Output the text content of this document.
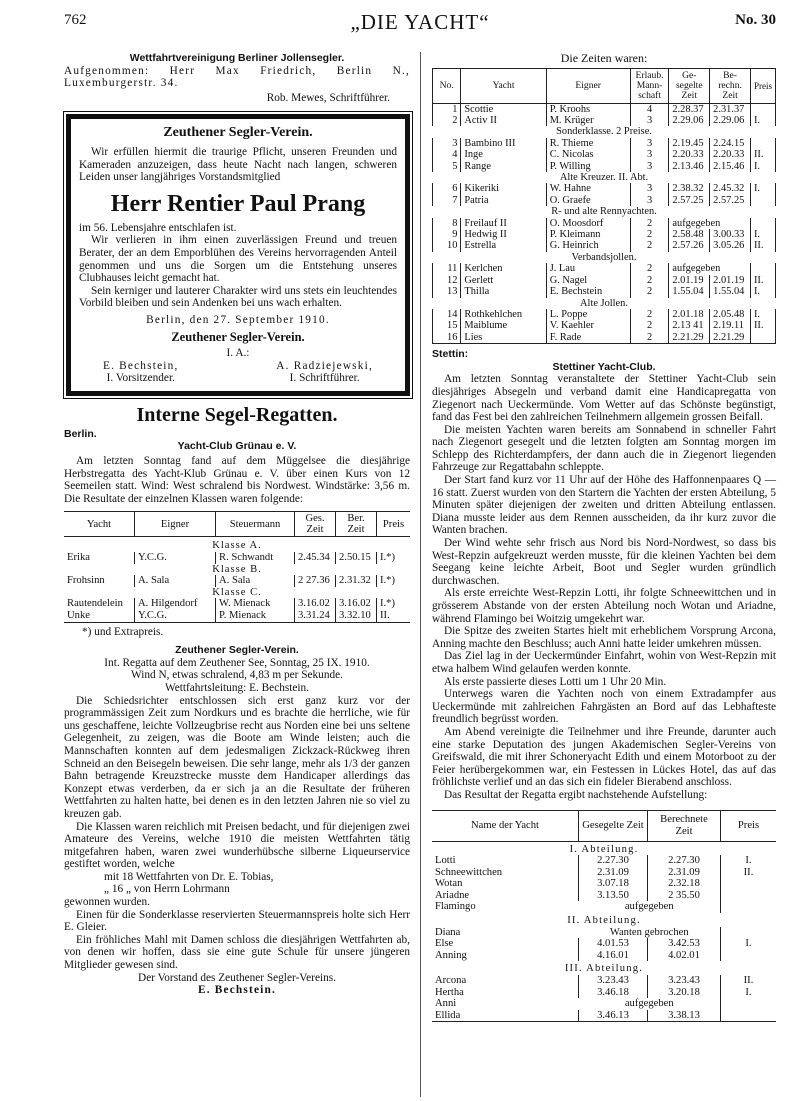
762	„DIE YACHT“	No. 30

Wettfahrtvereinigung Berliner Jollensegler.

Aufgenommen: Herr Max Friedrich, Berlin N., Luxemburgerstr. 34.

Rob. Mewes, Schriftführer.

Zeuthener Segler-Verein.

Wir erfüllen hiermit die traurige Pflicht, unseren Freunden und Kameraden anzuzeigen, dass heute Nacht nach langen, schweren Leiden unser langjähriges Vorstandsmitglied

Herr Rentier Paul Prang

im 56. Lebensjahre entschlafen ist.

Wir verlieren in ihm einen zuverlässigen Freund und treuen Berater, der an dem Emporblühen des Vereins hervorragenden Anteil genommen und uns die Sorgen um die Entstehung unseres Clubhauses leicht gemacht hat.

Sein kerniger und lauterer Charakter wird uns stets ein leuchtendes Vorbild bleiben und sein Andenken bei uns wach erhalten.

Berlin, den 27. September 1910.

Zeuthener Segler-Verein.

I. A.:

E. Bechstein,

I. Vorsitzender.

A. Radziejewski,

I. Schriftführer.

Interne Segel-Regatten.

Berlin.

Yacht-Club Grünau e. V.

Am letzten Sonntag fand auf dem Müggelsee die diesjährige Herbstregatta des Yacht-Klub Grünau e. V. über einen Kurs von 12 Seemeilen statt. Wind: West schralend bis Nordwest. Windstärke: 3,56 m. Die Resultate der einzelnen Klassen waren folgende:

Yacht	Eigner	Steuermann	Ges. Zeit	Ber. Zeit	Preis
Klasse A.					
Erika	Y.C.G.	R. Schwandt	2.45.34	2.50.15	I.*)
Klasse B.					
Frohsinn	A. Sala	A. Sala	2 27.36	2.31.32	I.*)
Klasse C.					
Rautendelein	A. Hilgendorf	W. Mienack	3.16.02	3.16.02	I.*)
Unke	Y.C.G.	P. Mienack	3.31.24	3.32.10	II.

*) und Extrapreis.

Zeuthener Segler-Verein.

Int. Regatta auf dem Zeuthener See, Sonntag, 25 IX. 1910.

Wind N, etwas schralend, 4,83 m per Sekunde.

Wettfahrtsleitung: E. Bechstein.

Die Schiedsrichter entschlossen sich erst ganz kurz vor der programmässigen Zeit zum Nordkurs und es brachte die herrliche, wie für uns geschaffene, leichte Vollzeugbrise recht aus Norden eine bei uns seltene Gelegenheit, zu zeigen, was die Boote am Winde leisten; auch die Mannschaften konnten auf dem jedesmaligen Zickzack-Rückweg ihren Schneid an den Beisegeln beweisen. Die sehr lange, mehr als 1/3 der ganzen Bahn betragende Kreuzstrecke musste dem Handicaper allerdings das Konzept etwas verderben, da er sich ja an die Resultate der früheren Wettfahrten zu halten hatte, bei denen es in den letzten Jahren nie so viel zu kreuzen gab.

Die Klassen waren reichlich mit Preisen bedacht, und für diejenigen zwei Amateure des Vereins, welche 1910 die meisten Wettfahrten tätig mitgefahren haben, waren zwei wunderhübsche silberne Liqueurservice gestiftet worden, welche

mit 18 Wettfahrten von Dr. E. Tobias,

„ 16 „ von Herrn Lohrmann

gewonnen wurden.

Einen für die Sonderklasse reservierten Steuermannspreis holte sich Herr E. Gleier.

Ein fröhliches Mahl mit Damen schloss die diesjährigen Wettfahrten ab, von denen wir hoffen, dass sie eine gute Schule für unsere jüngeren Mitglieder gewesen sind.

Der Vorstand des Zeuthener Segler-Vereins.

E. Bechstein.

Die Zeiten waren:

No.	Yacht	Eigner	Erlaub. Mann-schaft	Ge-segelte Zeit	Be-rechn. Zeit	Preis
1	Scottie	P. Kroohs	4	2.28.37	2.31.37	
2	Activ II	M. Krüger	3	2.29.06	2.29.06	I.
Sonderklasse. 2 Preise.						
3	Bambino III	R. Thieme	3	2.19.45	2.24.15	
4	Inge	C. Nicolas	3	2.20.33	2.20.33	II.
5	Range	P. Willing	3	2.13.46	2.15.46	I.
Alte Kreuzer. II. Abt.						
6	Kikeriki	W. Hahne	3	2.38.32	2.45.32	I.
7	Patria	O. Graefe	3	2.57.25	2.57.25	
R- und alte Rennyachten.						
8	Freilauf II	O. Moosdorf	2	aufgegeben		
9	Hedwig II	P. Kleimann	2	2.58.48	3.00.33	I.
10	Estrella	G. Heinrich	2	2.57.26	3.05.26	II.
Verbandsjollen.						
11	Kerlchen	J. Lau	2	aufgegeben		
12	Gerlett	G. Nagel	2	2.01.19	2.01.19	II.
13	Thilla	E. Bechstein	2	1.55.04	1.55.04	I.
Alte Jollen.						
14	Rothkehlchen	L. Poppe	2	2.01.18	2.05.48	I.
15	Maiblume	V. Kaehler	2	2.13 41	2.19.11	II.
16	Lies	F. Rade	2	2.21.29	2.21.29	

Stettin:

Stettiner Yacht-Club.

Am letzten Sonntag veranstaltete der Stettiner Yacht-Club sein diesjähriges Absegeln und verband damit eine Handicapregatta von Ziegenort nach Ueckermünde. Vom Wetter auf das Schönste begünstigt, fand das Fest bei den zahlreichen Teilnehmern allgemein grossen Beifall.

Die meisten Yachten waren bereits am Sonnabend in schneller Fahrt nach Ziegenort gesegelt und die letzten folgten am Sonntag morgen im Schlepp des Richterdampfers, der dann auch die in Ziegenort liegenden Fahrzeuge zur Regattabahn schleppte.

Der Start fand kurz vor 11 Uhr auf der Höhe des Haffonnenpaares Q — 16 statt. Zuerst wurden von den Startern die Yachten der ersten Abteilung, 5 Minuten später diejenigen der zweiten und dritten Abteilung entlassen. Diana musste leider aus dem Rennen ausscheiden, da ihr kurz zuvor die Wanten brachen.

Der Wind wehte sehr frisch aus Nord bis Nord-Nordwest, so dass bis West-Repzin aufgekreuzt werden musste, für die kleinen Yachten bei dem Seegang keine leichte Arbeit, Boot und Segler wurden gründlich durchwaschen.

Als erste erreichte West-Repzin Lotti, ihr folgte Schneewittchen und in grösserem Abstande von der ersten Abteilung noch Wotan und Ariadne, während Flamingo bei Woitzig umgekehrt war.

Die Spitze des zweiten Startes hielt mit erheblichem Vorsprung Arcona, Anning machte den Beschluss; auch Anni hatte leider umkehren müssen.

Das Ziel lag in der Ueckermünder Einfahrt, wohin von West-Repzin mit etwa halbem Wind gelaufen werden konnte.

Als erste passierte dieses Lotti um 1 Uhr 20 Min.

Unterwegs waren die Yachten noch von einem Extradampfer aus Ueckermünde mit zahlreichen Fahrgästen an Bord auf das Lebhafteste freundlich begrüsst worden.

Am Abend vereinigte die Teilnehmer und ihre Freunde, darunter auch eine starke Deputation des jungen Akademischen Segler-Vereins von Greifswald, die mit ihrer Schoneryacht Edith und einem Motorboot zu der Feier herübergekommen war, ein Festessen in Lückes Hotel, das auf das fröhlichste verlief und an das sich ein fideler Bierabend anschloss.

Das Resultat der Regatta ergibt nachstehende Aufstellung:

Name der Yacht	Gesegelte Zeit	Berechnete Zeit	Preis
I. Abteilung.			
Lotti	2.27.30	2.27.30	I.
Schneewittchen	2.31.09	2.31.09	II.
Wotan	3.07.18	2.32.18	
Ariadne	3.13.50	2 35.50	
Flamingo	aufgegeben		
II. Abteilung.			
Diana	Wanten gebrochen		
Else	4.01.53	3.42.53	I.
Anning	4.16.01	4.02.01	
III. Abteilung.			
Arcona	3.23.43	3.23.43	II.
Hertha	3.46.18	3.20.18	I.
Anni	aufgegeben		
Ellida	3.46.13	3.38.13	
